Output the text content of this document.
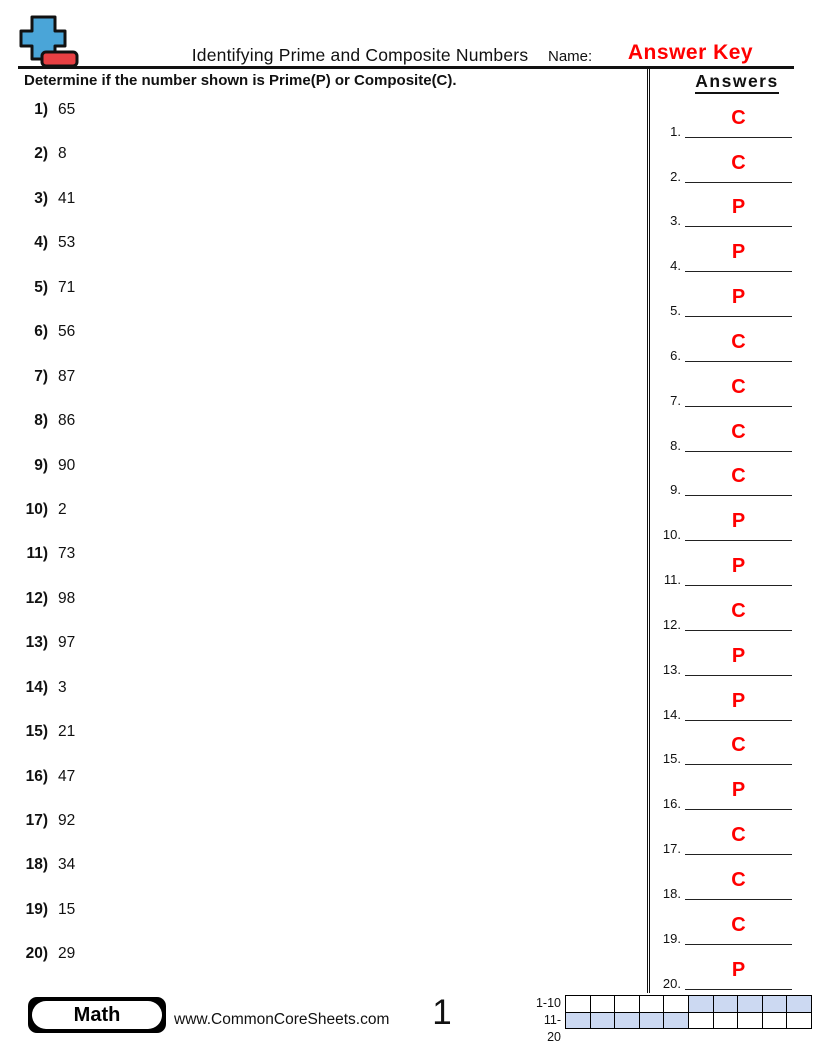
Identifying Prime and Composite Numbers	Name:	Answer Key
Determine if the number shown is Prime(P) or Composite(C).	Answers
1) 65
2) 8
3) 41
4) 53
5) 71
6) 56
7) 87
8) 86
9) 90
10) 2
11) 73
12) 98
13) 97
14) 3
15) 21
16) 47
17) 92
18) 34
19) 15
20) 29
1.
C
2.
C
3.
P
4.
P
5.
P
6.
C
7.
C
8.
C
9.
C
10.
P
11.
P
12.
C
13.
P
14.
P
15.
C
16.
P
17.
C
18.
C
19.
C
20.
P
Math	www.CommonCoreSheets.com	1	1-10
11-20
